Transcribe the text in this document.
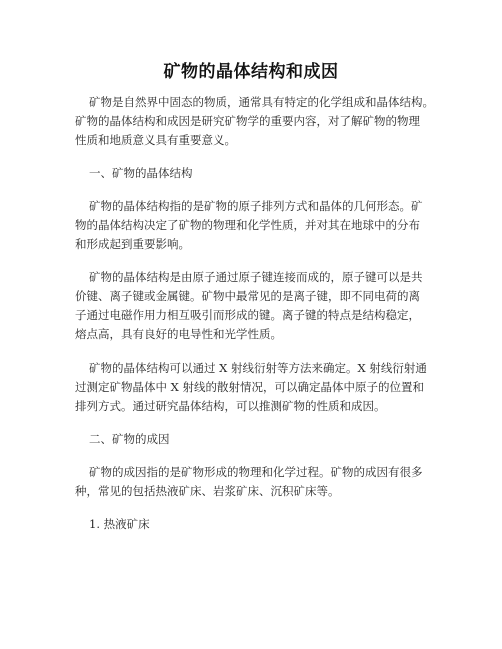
矿物的晶体结构和成因
矿物是自然界中固态的物质，通常具有特定的化学组成和晶体结构。
矿物的晶体结构和成因是研究矿物学的重要内容，对了解矿物的物理
性质和地质意义具有重要意义。
一、矿物的晶体结构
矿物的晶体结构指的是矿物的原子排列方式和晶体的几何形态。矿
物的晶体结构决定了矿物的物理和化学性质，并对其在地球中的分布
和形成起到重要影响。
矿物的晶体结构是由原子通过原子键连接而成的，原子键可以是共
价键、离子键或金属键。矿物中最常见的是离子键，即不同电荷的离
子通过电磁作用力相互吸引而形成的键。离子键的特点是结构稳定，
熔点高，具有良好的电导性和光学性质。
矿物的晶体结构可以通过 X 射线衍射等方法来确定。X 射线衍射通
过测定矿物晶体中 X 射线的散射情况，可以确定晶体中原子的位置和
排列方式。通过研究晶体结构，可以推测矿物的性质和成因。
二、矿物的成因
矿物的成因指的是矿物形成的物理和化学过程。矿物的成因有很多
种，常见的包括热液矿床、岩浆矿床、沉积矿床等。
1. 热液矿床
